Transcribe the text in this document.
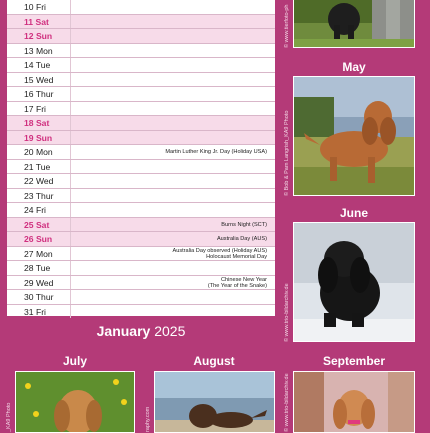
10 Fri
11 Sat
12 Sun
13 Mon
14 Tue
15 Wed
16 Thur
17 Fri
18 Sat
19 Sun
20 Mon	Martin Luther King Jr. Day (Holiday USA)
21 Tue
22 Wed
23 Thur
24 Fri
25 Sat	Burns Night (SCT)
26 Sun	Australia Day (AUS)
27 Mon	Australia Day observed (Holiday AUS)
Holocaust Memorial Day
28 Tue
29 Wed	Chinese New Year
(The Year of the Snake)
30 Thur
31 Fri
January 2025
© www.tierfoto-ph
May
© Bob & Pam Langrish_KA9 Photo
June
© www.trio-bildarchiv.de
July
_KA9 Photo
August
raphy.com
September
© www.trio-bildarchiv.de
